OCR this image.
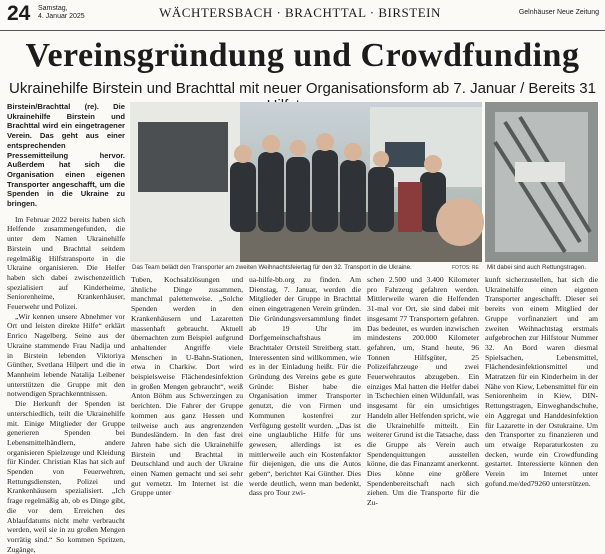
24 Samstag,
4. Januar 2025	WÄCHTERSBACH · BRACHTTAL · BIRSTEIN	Gelnhäuser Neue Zeitung
Vereinsgründung und Crowdfunding
Ukrainehilfe Birstein und Brachttal mit neuer Organisationsform ab 7. Januar / Bereits 31

Birstein/Brachttal (re). Die Ukrainehilfe Birstein und Brachttal wird ein eingetragener Verein. Das geht aus einer entsprechenden Pressemitteilung hervor. Außerdem hat sich die Organisation einen eigenen Transporter angeschafft, um die Spenden in die Ukraine zu bringen.

Im Februar 2022 bereits haben sich Helfende zusammengefunden, die unter dem Namen Ukrainehilfe Birstein und Brachttal seitdem regelmäßig Hilfstransporte in die Ukraine organisieren. Die Helfer haben sich dabei zwischenzeitlich spezialisiert auf Kinderheime, Seniorenheime, Krankenhäuser, Feuerwehr und Polizei.

„Wir kennen unsere Abnehmer vor Ort und leisten direkte Hilfe“ erklärt Enrico Nagelberg. Seine aus der Ukraine stammende Frau Nadija und in Birstein lebenden Viktoriya Günther, Svetlana Hilpert und die in Mannheim lebende Natalija Leibener unterstützen die Gruppe mit den notwendigen Sprachkenntnissen.

Die Herkunft der Spenden ist unterschiedlich, teilt die Ukrainehilfe mit. Einige Mitglieder der Gruppe generieren Spenden bei Lebensmittelhändlern, andere organisieren Spielzeuge und Kleidung für Kinder. Christian Klas hat sich auf Spenden von Feuerwehren, Rettungsdiensten, Polizei und Krankenhäusern spezialisiert. „Ich frage regelmäßig ab, ob es Dinge gibt, die vor dem Erreichen des Ablaufdatums nicht mehr verbraucht werden, weil sie in zu großen Mengen vorrätig sind.“ So kommen Spritzen, Zugänge,

Das Team belädt den Transporter am zweiten Weihnachtsfeiertag für den 32. Transport in die Ukraine.	FOTOS: RE Mit dabei sind auch Rettungstragen.

Tuben, Kochsalzlösungen und ähnliche Dinge zusammen, manchmal palettenweise. „Solche Spenden werden in den Krankenhäusern und Lazaretten massenhaft gebraucht. Aktuell übernachten zum Beispiel aufgrund anhaltender Angriffe viele Menschen in U-Bahn-Stationen, etwa in Charkiw. Dort wird beispielsweise Flächendesinfektion in großen Mengen gebraucht“, weiß Anton Böhm aus Schwerzingen zu berichten. Die Fahrer der Gruppe kommen aus ganz Hessen und teilweise auch aus angrenzenden Bundesländern. In den fast drei Jahren habe sich die Ukrainehilfe Birstein und Brachttal in Deutschland und auch der Ukraine einen Namen gemacht und sei sehr gut vernetzt. Im Internet ist die Gruppe unter

ua-hilfe-bb.org zu finden. Am Dienstag, 7. Januar, werden die Mitglieder der Gruppe in Brachttal einen eingetragenen Verein gründen. Die Gründungsversammlung findet ab 19 Uhr im Dorfgemeinschaftshaus im Brachttaler Ortsteil Streitberg statt. Interessenten sind willkommen, wie es in der Einladung heißt. Für die Gründung des Vereins gebe es gute Gründe: Bisher habe die Organisation immer Transporter genutzt, die von Firmen und Kommunen kostenfrei zur Verfügung gestellt wurden. „Das ist eine unglaubliche Hilfe für uns gewesen, allerdings ist es mittlerweile auch ein Kostenfaktor für diejenigen, die uns die Autos geben“, berichtet Kai Günther. Dies werde deutlich, wenn man bedenkt, dass pro Tour zwi-

schen 2.500 und 3.400 Kilometer pro Fahrzeug gefahren werden. Mittlerweile waren die Helfenden 31-mal vor Ort, sie sind dabei mit insgesamt 77 Transportern gefahren. Das bedeutet, es wurden inzwischen mindestens 200.000 Kilometer gefahren, um, Stand heute, 96 Tonnen Hilfsgüter, 25 Polizeifahrzeuge und zwei Feuerwehrautos abzugeben. Ein einziges Mal hatten die Helfer dabei in Tschechien einen Wildunfall, was insgesamt für ein umsichtiges Handeln aller Helfenden spricht, wie die Ukrainehilfe mitteilt. Ein weiterer Grund ist die Tatsache, dass die Gruppe als Verein auch Spendenquittungen ausstellen könne, die das Finanzamt anerkennt. Dies könne eine größere Spendenbereitschaft nach sich ziehen. Um die Transporte für die Zu-

kunft sicherzustellen, hat sich die Ukrainehilfe einen eigenen Transporter angeschafft. Dieser sei bereits von einem Mitglied der Gruppe vorfinanziert und am zweiten Weihnachtstag erstmals aufgebrochen zur Hilfstour Nummer 32. An Bord waren diesmal Spielsachen, Lebensmittel, Flächendesinfektionsmittel und Matratzen für ein Kinderheim in der Nähe von Kiew, Lebensmittel für ein Seniorenheim in Kiew, DIN-Rettungstragen, Einweghandschuhe, ein Aggregat und Handdesinfektion für Lazarette in der Ostukraine. Um den Transporter zu finanzieren und um etwaige Reparaturkosten zu decken, wurde ein Crowdfunding gestartet. Interessierte können den Verein im Internet unter gofund.me/ded79260 unterstützen.
